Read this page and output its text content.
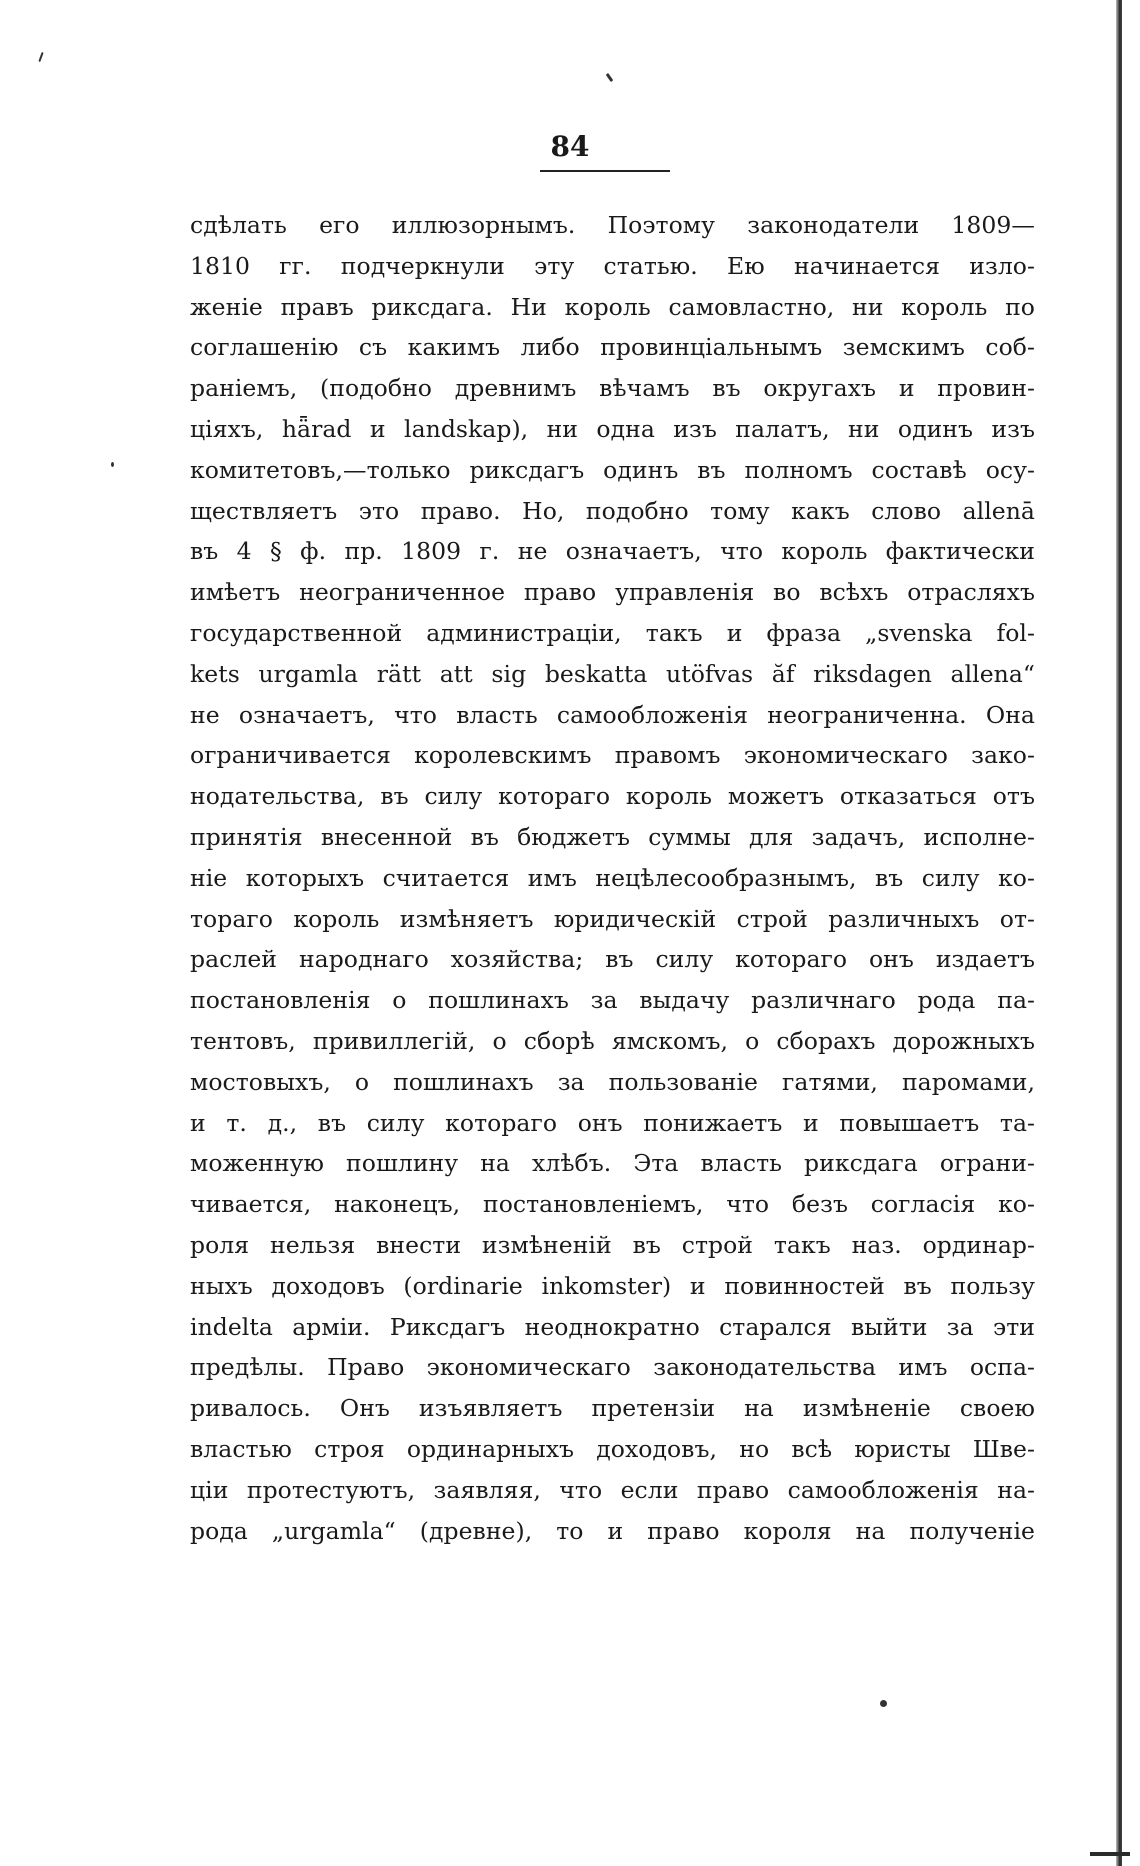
84
сдѣлать его иллюзорнымъ. Поэтому законодатели 1809—
1810 гг. подчеркнули эту статью. Ею начинается изло-
женіе правъ риксдага. Ни король самовластно, ни король по
соглашенію съ какимъ либо провинціальнымъ земскимъ соб-
раніемъ, (подобно древнимъ вѣчамъ въ округахъ и провин-
ціяхъ, hǟrad и landskap), ни одна изъ палатъ, ни одинъ изъ
комитетовъ,—только риксдагъ одинъ въ полномъ составѣ осу-
ществляетъ это право. Но, подобно тому какъ слово allenā
въ 4 § ф. пр. 1809 г. не означаетъ, что король фактически
имѣетъ неограниченное право управленія во всѣхъ отрасляхъ
государственной администраціи, такъ и фраза „svenska fol-
kets urgamla rätt att sig beskatta utöfvas ăf riksdagen allena“
не означаетъ, что власть самообложенія неограниченна. Она
ограничивается королевскимъ правомъ экономическаго зако-
нодательства, въ силу котораго король можетъ отказаться отъ
принятія внесенной въ бюджетъ суммы для задачъ, исполне-
ніе которыхъ считается имъ нецѣлесообразнымъ, въ силу ко-
тораго король измѣняетъ юридическій строй различныхъ от-
раслей народнаго хозяйства; въ силу котораго онъ издаетъ
постановленія о пошлинахъ за выдачу различнаго рода па-
тентовъ, привиллегій, о сборѣ ямскомъ, о сборахъ дорожныхъ
мостовыхъ, о пошлинахъ за пользованіе гатями, паромами,
и т. д., въ силу котораго онъ понижаетъ и повышаетъ та-
моженную пошлину на хлѣбъ. Эта власть риксдага ограни-
чивается, наконецъ, постановленіемъ, что безъ согласія ко-
роля нельзя внести измѣненій въ строй такъ наз. ординар-
ныхъ доходовъ (ordinarie inkomster) и повинностей въ пользу
indelta арміи. Риксдагъ неоднократно старался выйти за эти
предѣлы. Право экономическаго законодательства имъ оспа-
ривалось. Онъ изъявляетъ претензіи на измѣненіе своею
властью строя ординарныхъ доходовъ, но всѣ юристы Шве-
ціи протестуютъ, заявляя, что если право самообложенія на-
рода „urgamla“ (древне), то и право короля на полученіе
